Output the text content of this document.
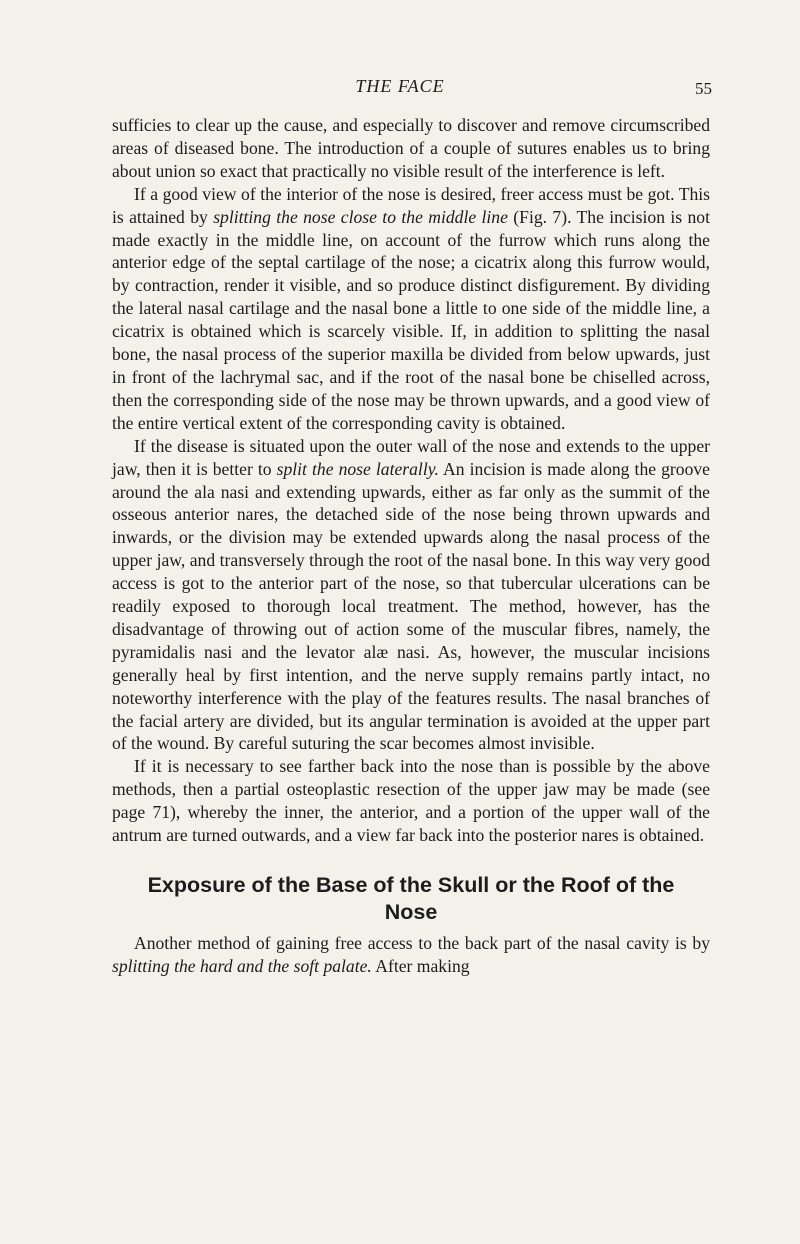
THE FACE	55

sufficies to clear up the cause, and especially to discover and remove circumscribed areas of diseased bone. The introduction of a couple of sutures enables us to bring about union so exact that practically no visible result of the interference is left.

If a good view of the interior of the nose is desired, freer access must be got. This is attained by splitting the nose close to the middle line (Fig. 7). The incision is not made exactly in the middle line, on account of the furrow which runs along the anterior edge of the septal cartilage of the nose; a cicatrix along this furrow would, by contraction, render it visible, and so produce distinct disfigurement. By dividing the lateral nasal cartilage and the nasal bone a little to one side of the middle line, a cicatrix is obtained which is scarcely visible. If, in addition to splitting the nasal bone, the nasal process of the superior maxilla be divided from below upwards, just in front of the lachrymal sac, and if the root of the nasal bone be chiselled across, then the corresponding side of the nose may be thrown upwards, and a good view of the entire vertical extent of the corresponding cavity is obtained.

If the disease is situated upon the outer wall of the nose and extends to the upper jaw, then it is better to split the nose laterally. An incision is made along the groove around the ala nasi and extending upwards, either as far only as the summit of the osseous anterior nares, the detached side of the nose being thrown upwards and inwards, or the division may be extended upwards along the nasal process of the upper jaw, and transversely through the root of the nasal bone. In this way very good access is got to the anterior part of the nose, so that tubercular ulcerations can be readily exposed to thorough local treatment. The method, however, has the disadvantage of throwing out of action some of the muscular fibres, namely, the pyramidalis nasi and the levator alæ nasi. As, however, the muscular incisions generally heal by first intention, and the nerve supply remains partly intact, no noteworthy interference with the play of the features results. The nasal branches of the facial artery are divided, but its angular termination is avoided at the upper part of the wound. By careful suturing the scar becomes almost invisible.

If it is necessary to see farther back into the nose than is possible by the above methods, then a partial osteoplastic resection of the upper jaw may be made (see page 71), whereby the inner, the anterior, and a portion of the upper wall of the antrum are turned outwards, and a view far back into the posterior nares is obtained.

Exposure of the Base of the Skull or the Roof of the Nose

Another method of gaining free access to the back part of the nasal cavity is by splitting the hard and the soft palate. After making
